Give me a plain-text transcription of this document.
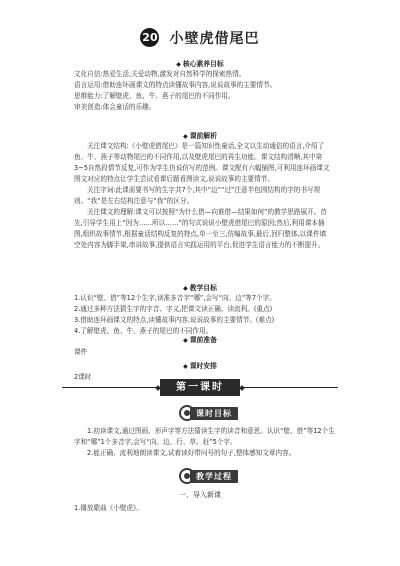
20 小壁虎借尾巴
◆ 核心素养目标

文化自信:热爱生活,关爱动物,激发对自然科学的探索热情。

语言运用:借助连环画课文的特点读懂故事内容,说说故事的主要情节。

思维能力:了解壁虎、鱼、牛、燕子的尾巴的不同作用。

审美创造:体会童话的乐趣。

◆ 课前解析

关注课文结构:《小壁虎借尾巴》是一篇知识性童话,全文以生动通俗的语言,介绍了鱼、牛、燕子等动物尾巴的不同作用,以及壁虎尾巴的再生功能。课文结构清晰,其中第3~5自然段情节反复,可作为学生仿说仿写的范例。课文配有六幅插图,可利用连环画课文图文对应的特点让学生尝试看课后题看图读文,说说故事的主要情节。

关注字词:此课需要书写的生字共7个,其中“边”“过”注意半包围结构的字的书写规则。“我”是左右结构注意与“我”的区分。

关注课文的理解:课文可以按照“为什么借—向谁借—结果如何”的教学思路展开。首先,引导学生用上“因为……所以……”的句式说说小壁虎借尾巴的原因;然后,利用课本插图,组织故事情节,根据童话结构反复的特点,单一至三,仿编故事,最后,回归整体,以课件填空处内容为脚手架,串讲故事,提供语言实践运用的平台,促进学生语言能力的不断提升。

◆ 教学目标

1.认识“壁、借”等12个生字,读准多音字“哪”,会写“向、边”等7个字。

2.通过多种方法猜生字的字音、字义,把课文读正确、读流利。(重点)

3.借助连环画课文的特点,读懂故事内容,说说故事的主要情节。(难点)

4.了解壁虎、鱼、牛、燕子的尾巴的不同作用。

◆ 课前准备

课件

◆ 课时安排

2课时

第一课时
课时目标

1.初读课文,通过图画、形声字等方法猜读生字的读音和意思。认识“壁、借”等12个生字和“哪”1个多音字,会写“向、边、行、草、赶”5个字。

2.能正确、流利地朗读课文,试着读好带问号的句子,整体感知文章内容。

教学过程
一、导入新课

1.播放歌曲《小壁虎》。
